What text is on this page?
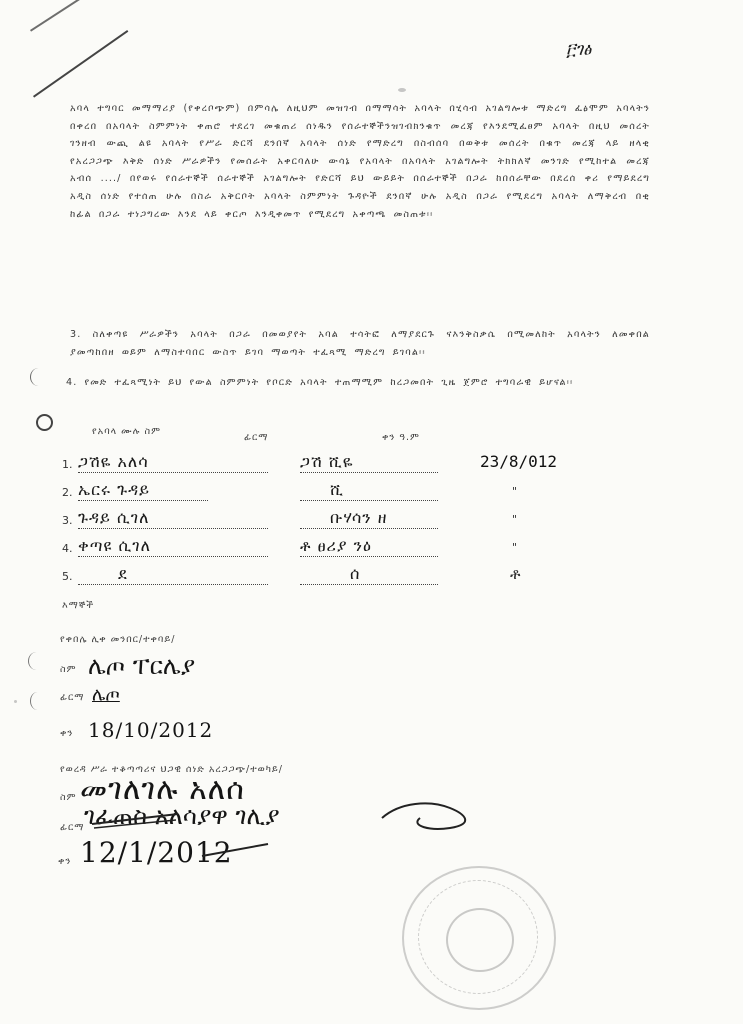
፫ገፅ
አባላ ተግባር መማማሪያ (የቀረቦጭም) በምሳሌ ለዚህም መዝገብ በማማሳት አባላት በሂሳብ አገልግሎቱ ማድረግ ፈፅሞም አባላትን በቀረበ በአባላት ስምምነት ቀጠሮ ተደረገ መቁጠሪ ሰነዱን የሰራተኞችንዝገብክንቁጥ መረጃ የእንደሚፈፀም አባላት በዚህ መሰረት ገንዘብ ውጪ ልዩ አባላት የሥራ ድርሻ ደንበኛ አባላት ሰነድ የማድረግ በስብሰባ በወቅቱ መሰረት በቁጥ መረጃ ላይ ዘላቂ የአረጋጋጭ እቅድ ሰነድ ሥራዎችን የመሰራት አቀርባለሁ ውሳኔ የአባላት በአባላት አገልግሎት ትክክለኛ መንገድ የሚከተል መረጃ አብሰ ..../ በየወሩ የሰራተኞች ሰራተኞች አገልግሎት የድርሻ ይህ ውይይት በሰራተኞች በጋራ ከበሰራቸው በደረሰ ቀሪ የማይደረግ አዲስ ሰነድ የተሰጠ ሁሉ በስራ አቅርቦት አባላት ስምምነት ጉዳዮች ደንበኛ ሁሉ አዲስ በጋራ የሚደረግ አባላት ለማቅረብ በቂ ከፊል በጋራ ተነጋግረው እንደ ላይ ቀርጦ እንዲቀመጥ የሚደረግ አቀጣጫ መስጠቱ፡፡
3. ስለቀጣዩ ሥራዎችን አባላት በጋራ በመወያየት አባል ተሳትፎ ለማያደርጉ ናእንቅስቃሴ በሚመለከት አባላትን ለመቀበል ያመጣከበዘ ወይም ለማስተባበር ውስጥ ይገባ ማወጣት ተፈጻሚ ማድረግ ይገባል፡፡
4. የመድ ተፈጻሚነት ይህ የውል ስምምነት የቦርድ አባላት ተጠማሚም ከረጋመበት ጊዜ ጀምሮ ተግባራዊ ይሆናል፡፡
የአባላ ሙሉ ስም
ፊርማ	ቀን ዓ.ም
1. ጋሽዬ አለሳ	ጋሽ ሺዬ	23/8/012
2. ኤርሩ ጉዳይ	ሺ	"
3. ጉዳይ ሲገለ	ቡሃሳን ዘ	"
4. ቀጣዩ ሲገለ	ቶ ፀሪያ ንዕ	"
5.	ደ	ሰ	ቶ
እማኞች
የቀበሌ ሊቀ መንበር/ተቀባይ/
ስም ሌጦ ፐርሌያ
ፊርማ ሌጦ
ቀን 18/10/2012
የወረዳ ሥራ ተቆጣጣሪና ህጋዊ ሰነድ አረጋጋጭ/ተወካይ/
ስም መገለገሉ አለሰ
ፊርማ ገፈጠስ አለሳያዋ ገሊያ
ቀን 12/1/2012
